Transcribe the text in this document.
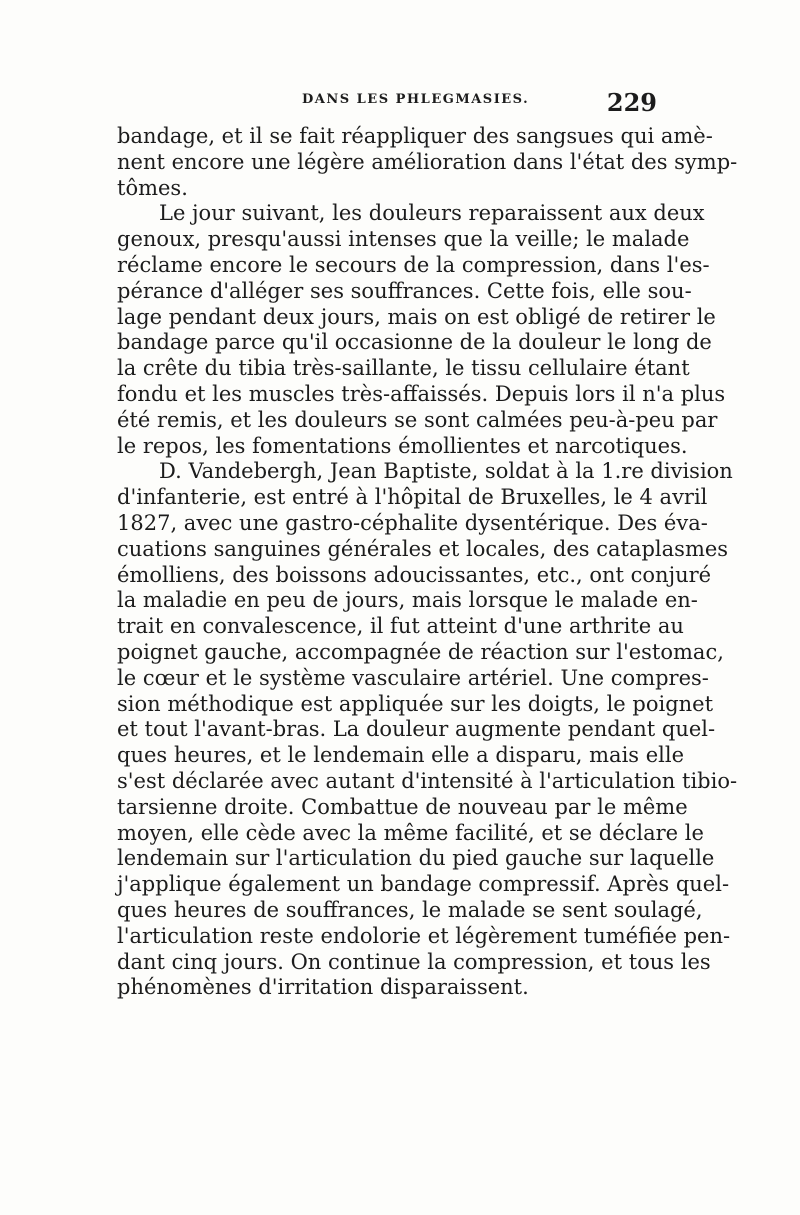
DANS LES PHLEGMASIES.	229
bandage, et il se fait réappliquer des sangsues qui amè-
nent encore une légère amélioration dans l'état des symp-
tômes.
Le jour suivant, les douleurs reparaissent aux deux
genoux, presqu'aussi intenses que la veille; le malade
réclame encore le secours de la compression, dans l'es-
pérance d'alléger ses souffrances. Cette fois, elle sou-
lage pendant deux jours, mais on est obligé de retirer le
bandage parce qu'il occasionne de la douleur le long de
la crête du tibia très-saillante, le tissu cellulaire étant
fondu et les muscles très-affaissés. Depuis lors il n'a plus
été remis, et les douleurs se sont calmées peu-à-peu par
le repos, les fomentations émollientes et narcotiques.
D. Vandebergh, Jean Baptiste, soldat à la 1.re division
d'infanterie, est entré à l'hôpital de Bruxelles, le 4 avril
1827, avec une gastro-céphalite dysentérique. Des éva-
cuations sanguines générales et locales, des cataplasmes
émolliens, des boissons adoucissantes, etc., ont conjuré
la maladie en peu de jours, mais lorsque le malade en-
trait en convalescence, il fut atteint d'une arthrite au
poignet gauche, accompagnée de réaction sur l'estomac,
le cœur et le système vasculaire artériel. Une compres-
sion méthodique est appliquée sur les doigts, le poignet
et tout l'avant-bras. La douleur augmente pendant quel-
ques heures, et le lendemain elle a disparu, mais elle
s'est déclarée avec autant d'intensité à l'articulation tibio-
tarsienne droite. Combattue de nouveau par le même
moyen, elle cède avec la même facilité, et se déclare le
lendemain sur l'articulation du pied gauche sur laquelle
j'applique également un bandage compressif. Après quel-
ques heures de souffrances, le malade se sent soulagé,
l'articulation reste endolorie et légèrement tuméfiée pen-
dant cinq jours. On continue la compression, et tous les
phénomènes d'irritation disparaissent.
